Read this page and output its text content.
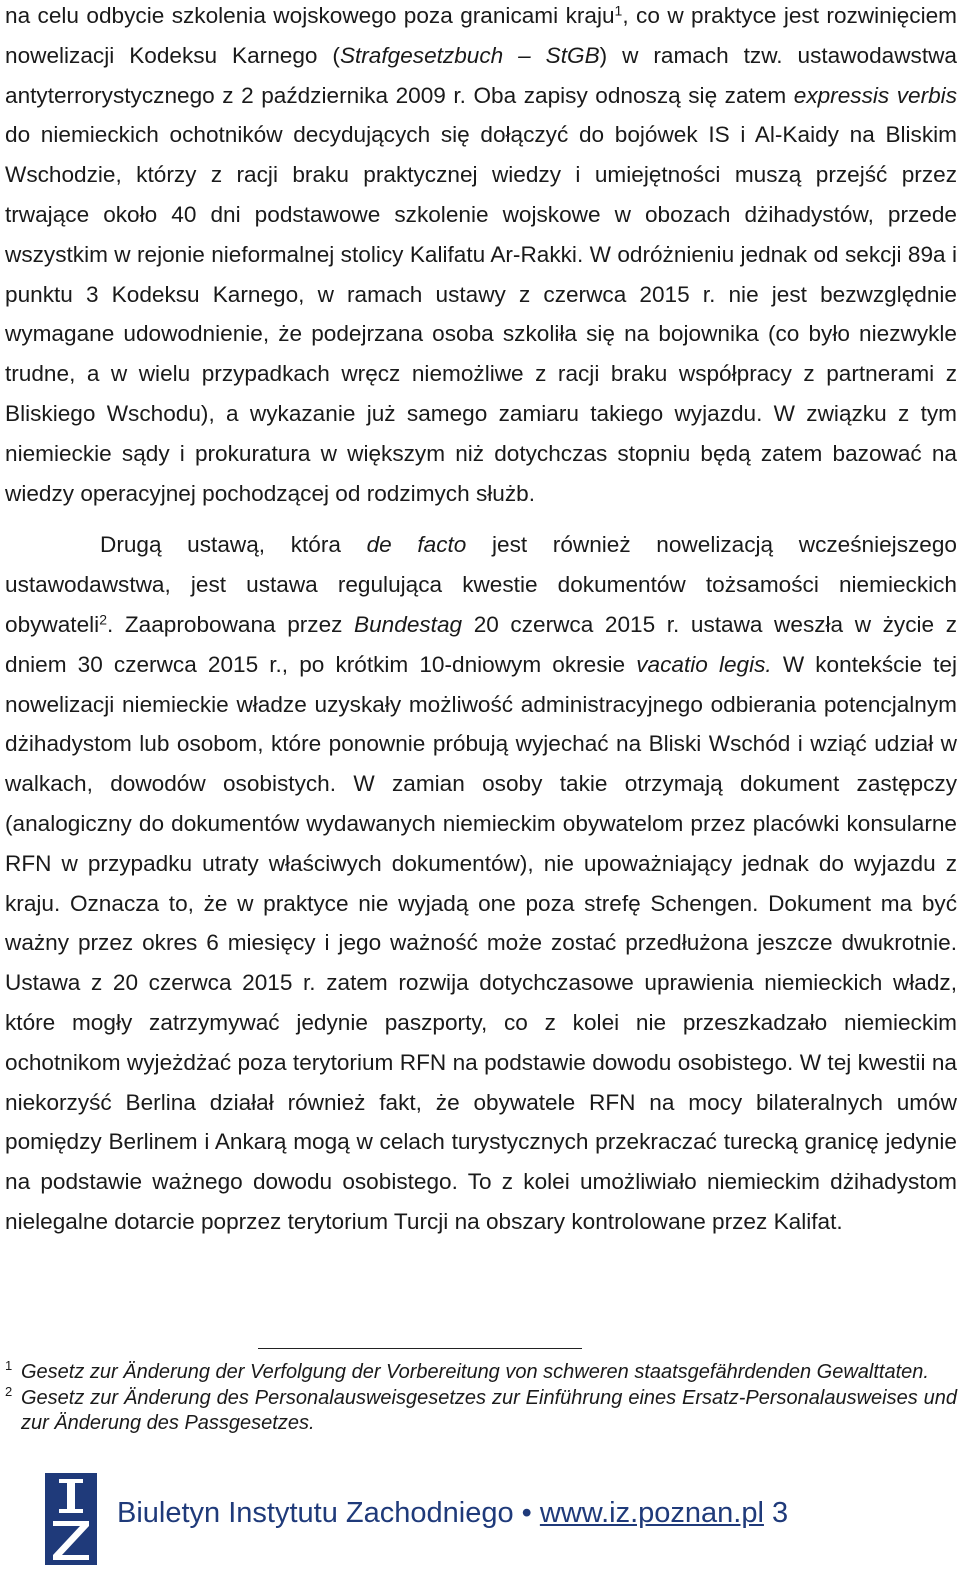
na celu odbycie szkolenia wojskowego poza granicami kraju$^1$, co w praktyce jest rozwinięciem nowelizacji Kodeksu Karnego (Strafgesetzbuch – StGB) w ramach tzw. ustawodawstwa antyterrorystycznego z 2 października 2009 r. Oba zapisy odnoszą się zatem expressis verbis do niemieckich ochotników decydujących się dołączyć do bojówek IS i Al-Kaidy na Bliskim Wschodzie, którzy z racji braku praktycznej wiedzy i umiejętności muszą przejść przez trwające około 40 dni podstawowe szkolenie wojskowe w obozach dżihadystów, przede wszystkim w rejonie nieformalnej stolicy Kalifatu Ar-Rakki. W odróżnieniu jednak od sekcji 89a i punktu 3 Kodeksu Karnego, w ramach ustawy z czerwca 2015 r. nie jest bezwzględnie wymagane udowodnienie, że podejrzana osoba szkoliła się na bojownika (co było niezwykle trudne, a w wielu przypadkach wręcz niemożliwe z racji braku współpracy z partnerami z Bliskiego Wschodu), a wykazanie już samego zamiaru takiego wyjazdu. W związku z tym niemieckie sądy i prokuratura w większym niż dotychczas stopniu będą zatem bazować na wiedzy operacyjnej pochodzącej od rodzimych służb.

Drugą ustawą, która de facto jest również nowelizacją wcześniejszego ustawodawstwa, jest ustawa regulująca kwestie dokumentów tożsamości niemieckich obywateli$^2$. Zaaprobowana przez Bundestag 20 czerwca 2015 r. ustawa weszła w życie z dniem 30 czerwca 2015 r., po krótkim 10-dniowym okresie vacatio legis. W kontekście tej nowelizacji niemieckie władze uzyskały możliwość administracyjnego odbierania potencjalnym dżihadystom lub osobom, które ponownie próbują wyjechać na Bliski Wschód i wziąć udział w walkach, dowodów osobistych. W zamian osoby takie otrzymają dokument zastępczy (analogiczny do dokumentów wydawanych niemieckim obywatelom przez placówki konsularne RFN w przypadku utraty właściwych dokumentów), nie upoważniający jednak do wyjazdu z kraju. Oznacza to, że w praktyce nie wyjadą one poza strefę Schengen. Dokument ma być ważny przez okres 6 miesięcy i jego ważność może zostać przedłużona jeszcze dwukrotnie. Ustawa z 20 czerwca 2015 r. zatem rozwija dotychczasowe uprawienia niemieckich władz, które mogły zatrzymywać jedynie paszporty, co z kolei nie przeszkadzało niemieckim ochotnikom wyjeżdżać poza terytorium RFN na podstawie dowodu osobistego. W tej kwestii na niekorzyść Berlina działał również fakt, że obywatele RFN na mocy bilateralnych umów pomiędzy Berlinem i Ankarą mogą w celach turystycznych przekraczać turecką granicę jedynie na podstawie ważnego dowodu osobistego. To z kolei umożliwiało niemieckim dżihadystom nielegalne dotarcie poprzez terytorium Turcji na obszary kontrolowane przez Kalifat.

1 Gesetz zur Änderung der Verfolgung der Vorbereitung von schweren staatsgefährdenden Gewalttaten.

2 Gesetz zur Änderung des Personalausweisgesetzes zur Einführung eines Ersatz-Personalausweises und zur Änderung des Passgesetzes.

Biuletyn Instytutu Zachodniego • www.iz.poznan.pl 3
